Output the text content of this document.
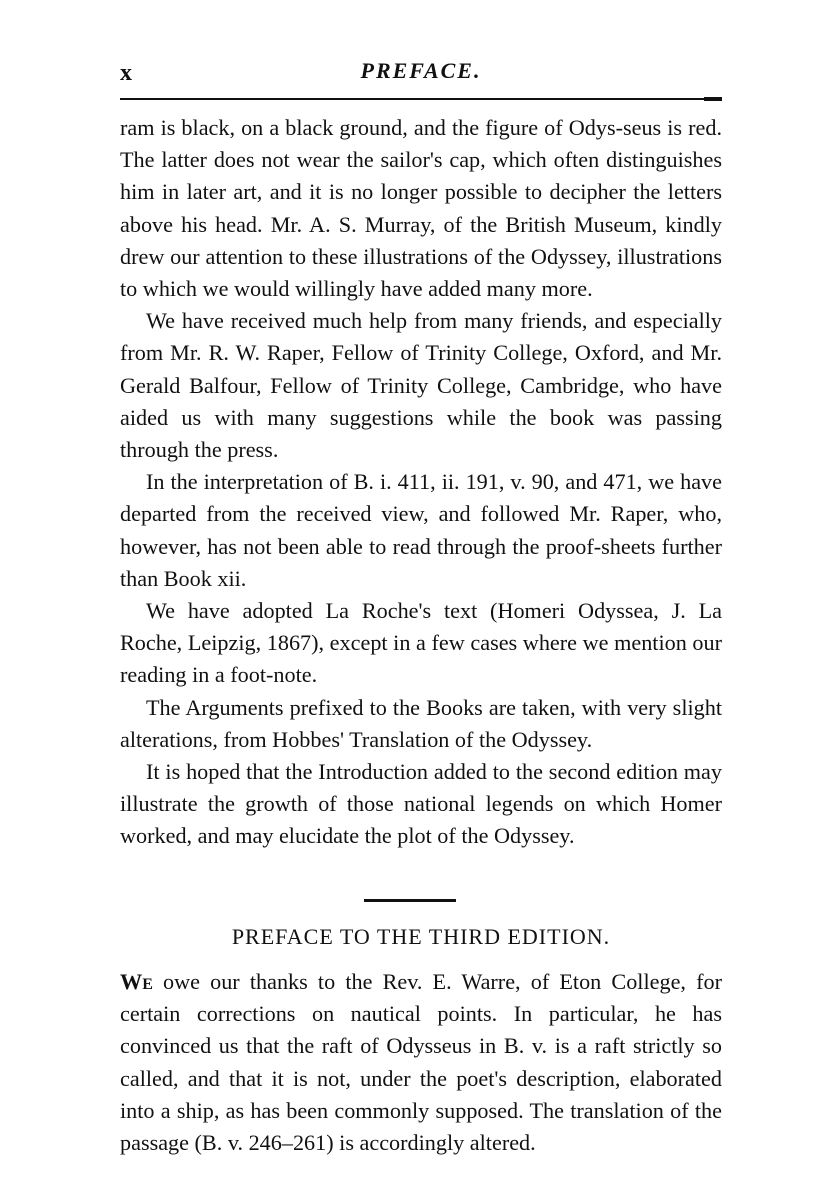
x	PREFACE.

ram is black, on a black ground, and the figure of Odys-seus is red. The latter does not wear the sailor's cap, which often distinguishes him in later art, and it is no longer possible to decipher the letters above his head. Mr. A. S. Murray, of the British Museum, kindly drew our attention to these illustrations of the Odyssey, illustrations to which we would willingly have added many more.

We have received much help from many friends, and especially from Mr. R. W. Raper, Fellow of Trinity College, Oxford, and Mr. Gerald Balfour, Fellow of Trinity College, Cambridge, who have aided us with many suggestions while the book was passing through the press.

In the interpretation of B. i. 411, ii. 191, v. 90, and 471, we have departed from the received view, and followed Mr. Raper, who, however, has not been able to read through the proof-sheets further than Book xii.

We have adopted La Roche's text (Homeri Odyssea, J. La Roche, Leipzig, 1867), except in a few cases where we mention our reading in a foot-note.

The Arguments prefixed to the Books are taken, with very slight alterations, from Hobbes' Translation of the Odyssey.

It is hoped that the Introduction added to the second edition may illustrate the growth of those national legends on which Homer worked, and may elucidate the plot of the Odyssey.

PREFACE TO THE THIRD EDITION.

We owe our thanks to the Rev. E. Warre, of Eton College, for certain corrections on nautical points. In particular, he has convinced us that the raft of Odysseus in B. v. is a raft strictly so called, and that it is not, under the poet's description, elaborated into a ship, as has been commonly supposed. The translation of the passage (B. v. 246–261) is accordingly altered.
